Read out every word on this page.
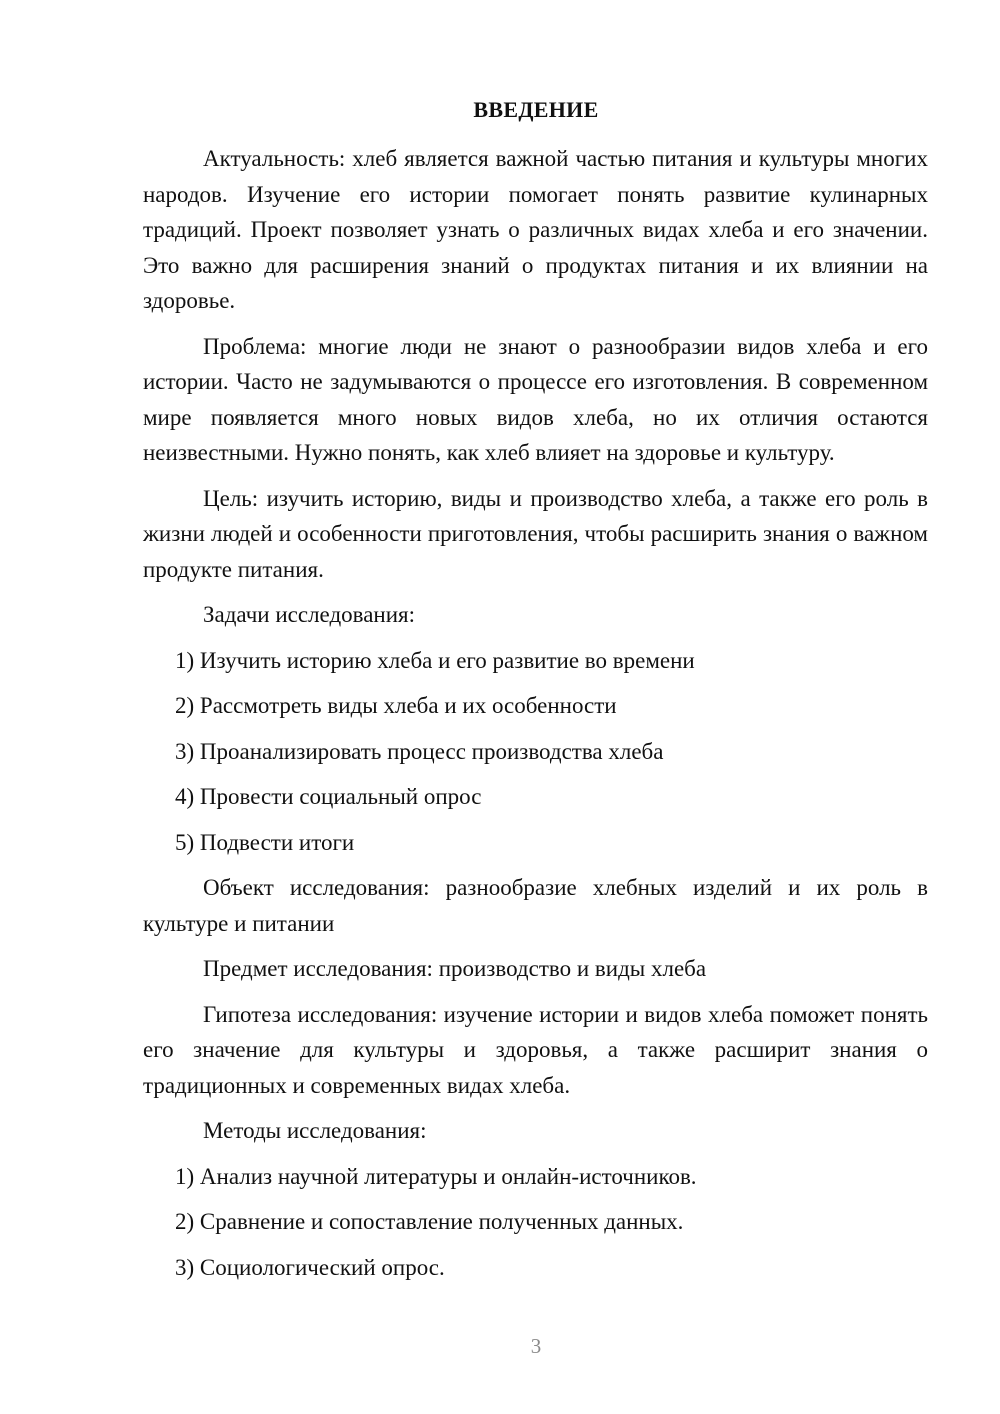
ВВЕДЕНИЕ

Актуальность: хлеб является важной частью питания и культуры многих народов. Изучение его истории помогает понять развитие кулинарных традиций. Проект позволяет узнать о различных видах хлеба и его значении. Это важно для расширения знаний о продуктах питания и их влиянии на здоровье.

Проблема: многие люди не знают о разнообразии видов хлеба и его истории. Часто не задумываются о процессе его изготовления. В современном мире появляется много новых видов хлеба, но их отличия остаются неизвестными. Нужно понять, как хлеб влияет на здоровье и культуру.

Цель: изучить историю, виды и производство хлеба, а также его роль в жизни людей и особенности приготовления, чтобы расширить знания о важном продукте питания.

Задачи исследования:

1) Изучить историю хлеба и его развитие во времени
2) Рассмотреть виды хлеба и их особенности
3) Проанализировать процесс производства хлеба
4) Провести социальный опрос
5) Подвести итоги

Объект исследования: разнообразие хлебных изделий и их роль в культуре и питании

Предмет исследования: производство и виды хлеба

Гипотеза исследования: изучение истории и видов хлеба поможет понять его значение для культуры и здоровья, а также расширит знания о традиционных и современных видах хлеба.

Методы исследования:

1) Анализ научной литературы и онлайн-источников.
2) Сравнение и сопоставление полученных данных.
3) Социологический опрос.
3
